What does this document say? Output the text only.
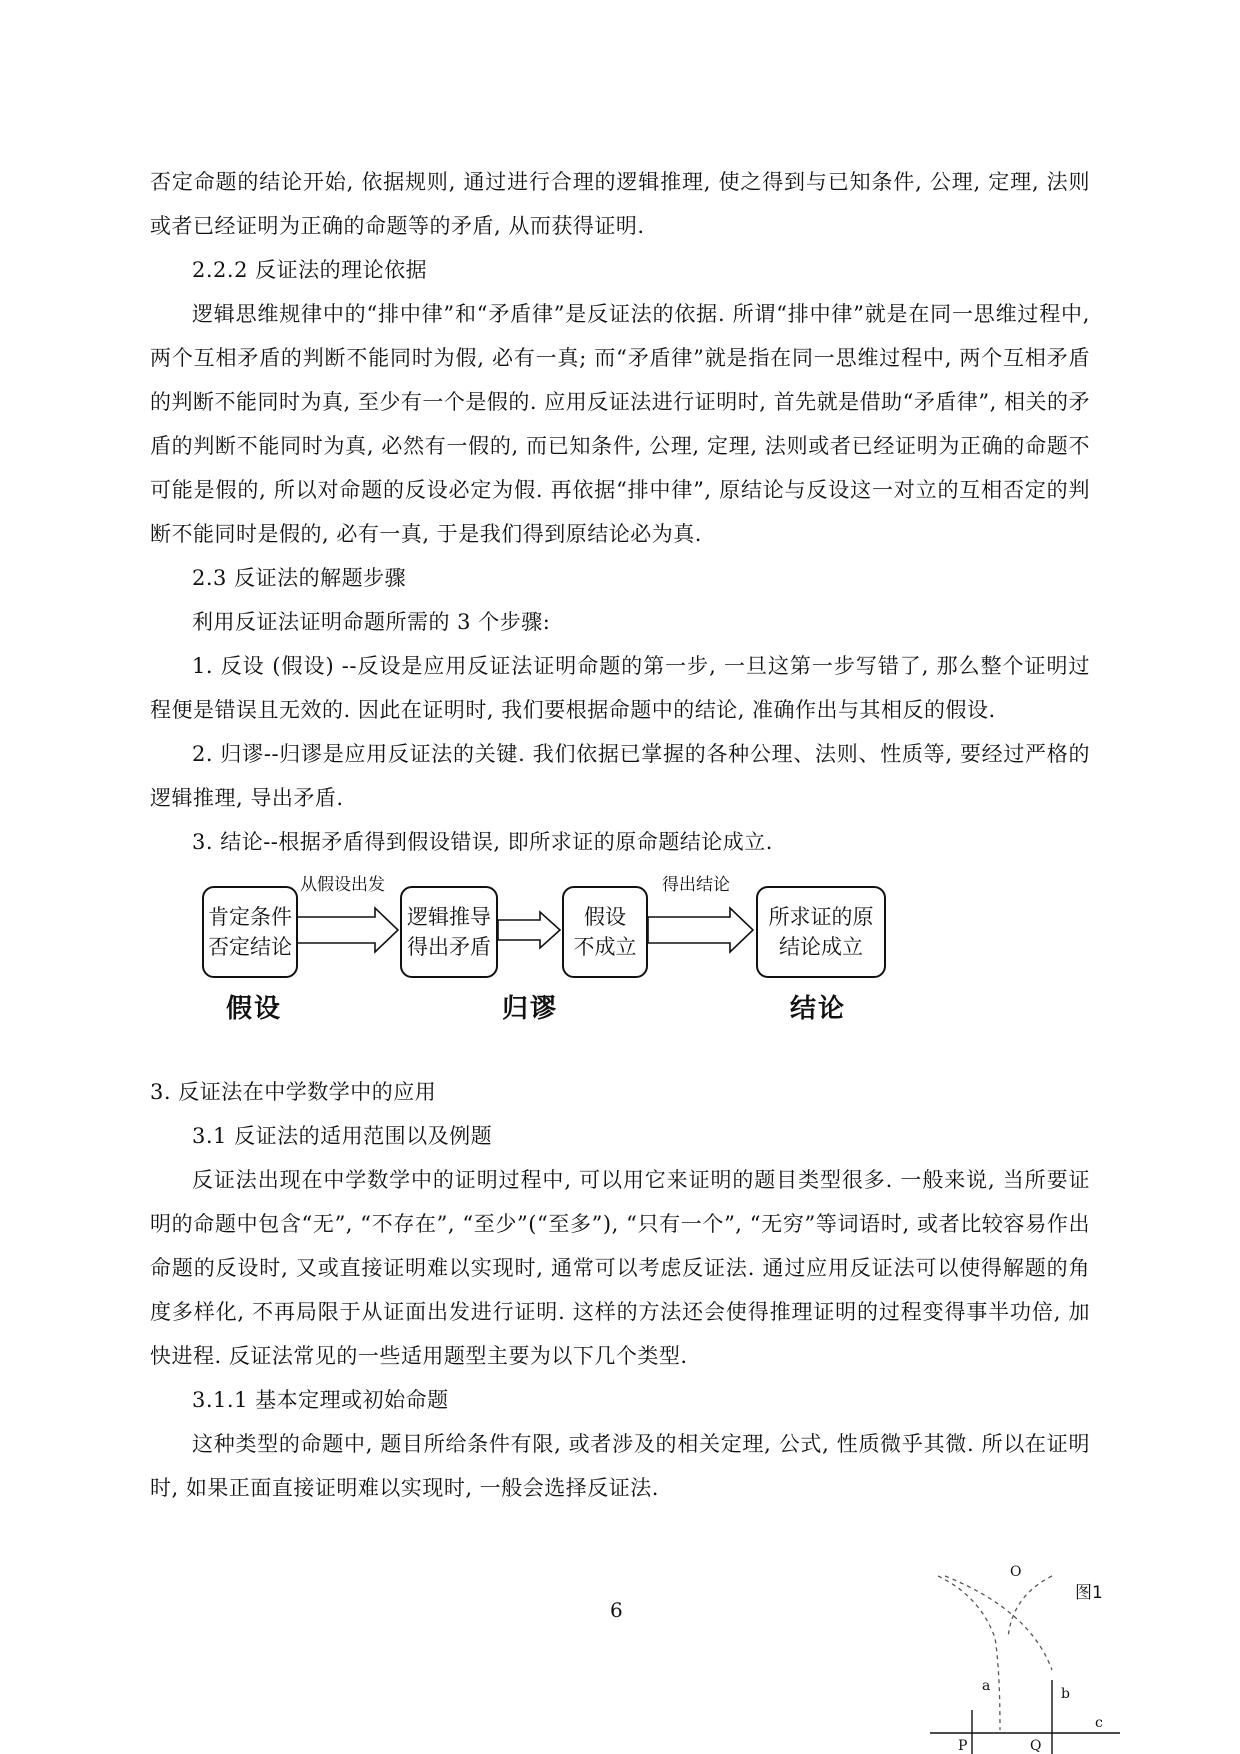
否定命题的结论开始, 依据规则, 通过进行合理的逻辑推理, 使之得到与已知条件, 公理, 定理, 法则或者已经证明为正确的命题等的矛盾, 从而获得证明.

2.2.2 反证法的理论依据

逻辑思维规律中的“排中律”和“矛盾律”是反证法的依据. 所谓“排中律”就是在同一思维过程中, 两个互相矛盾的判断不能同时为假, 必有一真; 而“矛盾律”就是指在同一思维过程中, 两个互相矛盾的判断不能同时为真, 至少有一个是假的. 应用反证法进行证明时, 首先就是借助“矛盾律”, 相关的矛盾的判断不能同时为真, 必然有一假的, 而已知条件, 公理, 定理, 法则或者已经证明为正确的命题不可能是假的, 所以对命题的反设必定为假. 再依据“排中律”, 原结论与反设这一对立的互相否定的判断不能同时是假的, 必有一真, 于是我们得到原结论必为真.

2.3 反证法的解题步骤

利用反证法证明命题所需的 3 个步骤:

1. 反设 (假设) --反设是应用反证法证明命题的第一步, 一旦这第一步写错了, 那么整个证明过程便是错误且无效的. 因此在证明时, 我们要根据命题中的结论, 准确作出与其相反的假设.

2. 归谬--归谬是应用反证法的关键. 我们依据已掌握的各种公理、法则、性质等, 要经过严格的逻辑推理, 导出矛盾.

3. 结论--根据矛盾得到假设错误, 即所求证的原命题结论成立.

从假设出发	得出结论
肯定条件
否定结论
逻辑推导
得出矛盾
假设
不成立
所求证的原
结论成立
假设	归谬	结论

3. 反证法在中学数学中的应用

3.1 反证法的适用范围以及例题

反证法出现在中学数学中的证明过程中, 可以用它来证明的题目类型很多. 一般来说, 当所要证明的命题中包含“无”, “不存在”, “至少”(“至多”), “只有一个”, “无穷”等词语时, 或者比较容易作出命题的反设时, 又或直接证明难以实现时, 通常可以考虑反证法. 通过应用反证法可以使得解题的角度多样化, 不再局限于从证面出发进行证明. 这样的方法还会使得推理证明的过程变得事半功倍, 加快进程. 反证法常见的一些适用题型主要为以下几个类型.

3.1.1 基本定理或初始命题

这种类型的命题中, 题目所给条件有限, 或者涉及的相关定理, 公式, 性质微乎其微. 所以在证明时, 如果正面直接证明难以实现时, 一般会选择反证法.

6
图1
O
a	b
c
P	Q
